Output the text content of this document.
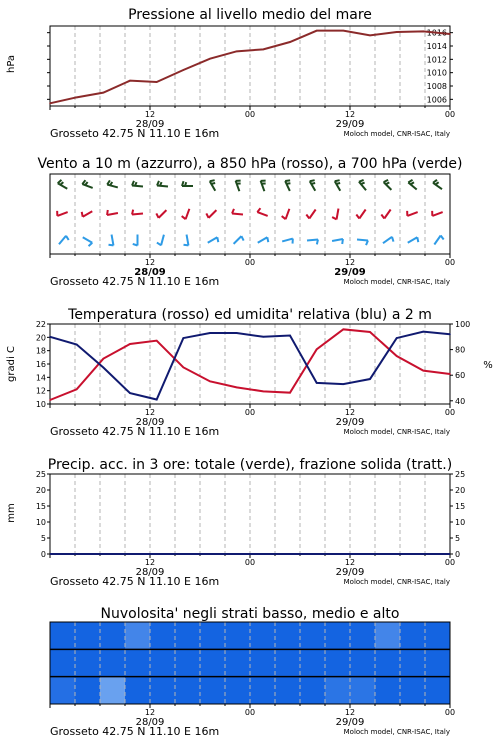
Pressione al livello medio del mare
hPa
12	00	12	00
28/09	29/09
Grosseto 42.75 N 11.10 E 16m	Moloch model, CNR-ISAC, Italy
1006
1008
1010
1012
1014
1016
Vento a 10 m (azzurro), a 850 hPa (rosso), a 700 hPa (verde)
12	00	12	00
28/09	29/09
Grosseto 42.75 N 11.10 E 16m	Moloch model, CNR-ISAC, Italy
Temperatura (rosso) ed umidita' relativa (blu) a 2 m
gradi C	%
12	00	12	00
28/09	29/09
Grosseto 42.75 N 11.10 E 16m	Moloch model, CNR-ISAC, Italy
10
12
14
16
18
20
22
40
60
80
100
Precip. acc. in 3 ore: totale (verde), frazione solida (tratt.)
mm
12	00	12	00
28/09	29/09
Grosseto 42.75 N 11.10 E 16m	Moloch model, CNR-ISAC, Italy
0	0
5	5
10	10
15	15
20	20
25	25
Nuvolosita' negli strati basso, medio e alto
12	00	12	00
28/09	29/09
Grosseto 42.75 N 11.10 E 16m	Moloch model, CNR-ISAC, Italy
